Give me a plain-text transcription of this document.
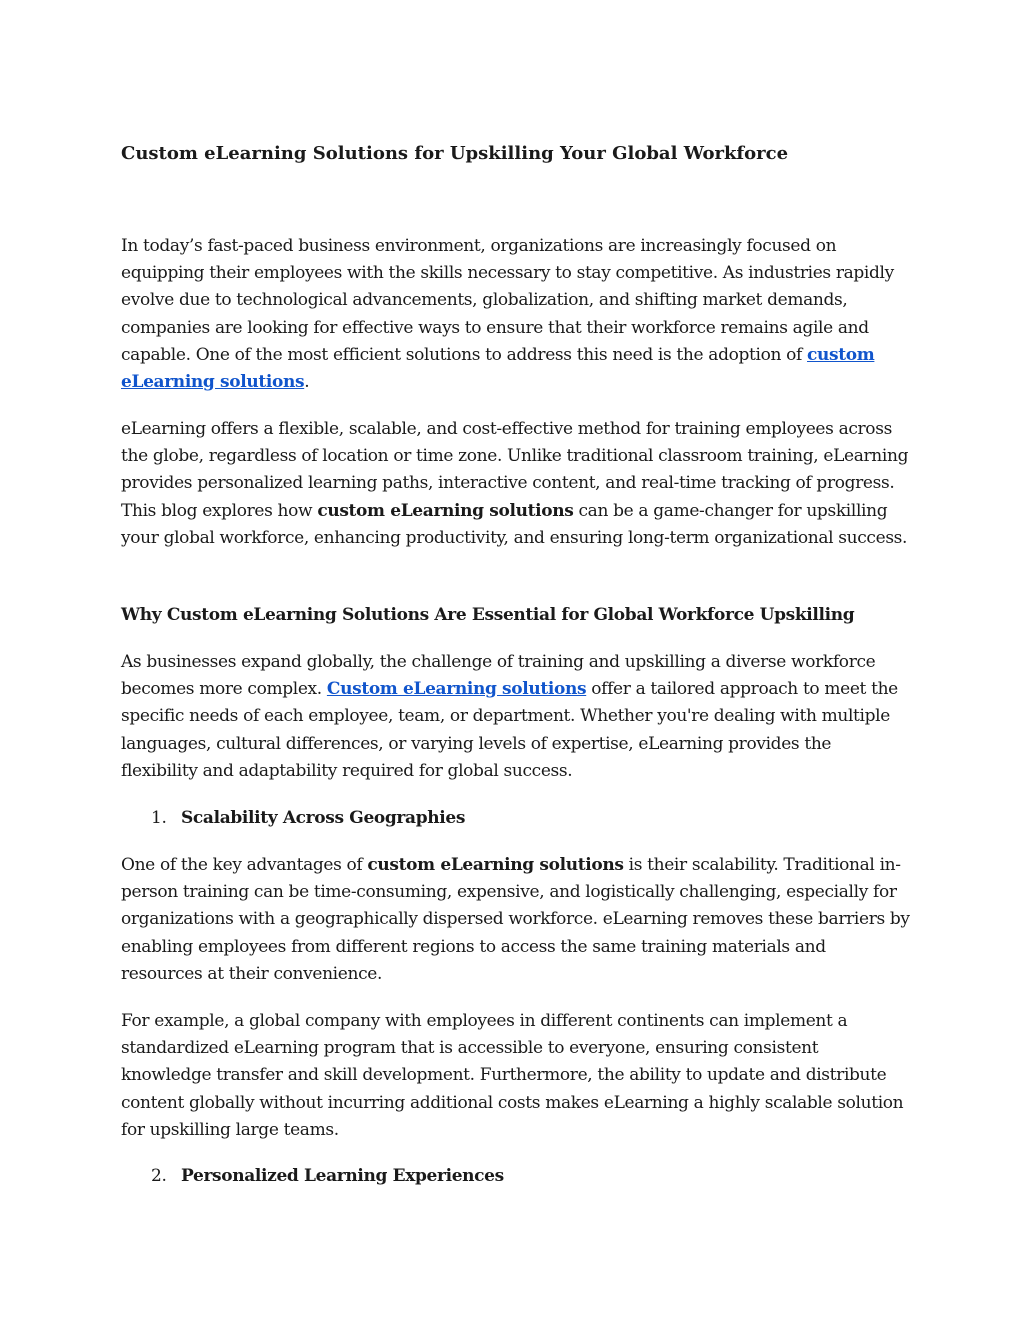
Custom eLearning Solutions for Upskilling Your Global Workforce

In today’s fast-paced business environment, organizations are increasingly focused on equipping their employees with the skills necessary to stay competitive. As industries rapidly evolve due to technological advancements, globalization, and shifting market demands, companies are looking for effective ways to ensure that their workforce remains agile and capable. One of the most efficient solutions to address this need is the adoption of custom eLearning solutions.

eLearning offers a flexible, scalable, and cost-effective method for training employees across the globe, regardless of location or time zone. Unlike traditional classroom training, eLearning provides personalized learning paths, interactive content, and real-time tracking of progress. This blog explores how custom eLearning solutions can be a game-changer for upskilling your global workforce, enhancing productivity, and ensuring long-term organizational success.

Why Custom eLearning Solutions Are Essential for Global Workforce Upskilling

As businesses expand globally, the challenge of training and upskilling a diverse workforce becomes more complex. Custom eLearning solutions offer a tailored approach to meet the specific needs of each employee, team, or department. Whether you're dealing with multiple languages, cultural differences, or varying levels of expertise, eLearning provides the flexibility and adaptability required for global success.

1. Scalability Across Geographies

One of the key advantages of custom eLearning solutions is their scalability. Traditional in-person training can be time-consuming, expensive, and logistically challenging, especially for organizations with a geographically dispersed workforce. eLearning removes these barriers by enabling employees from different regions to access the same training materials and resources at their convenience.

For example, a global company with employees in different continents can implement a standardized eLearning program that is accessible to everyone, ensuring consistent knowledge transfer and skill development. Furthermore, the ability to update and distribute content globally without incurring additional costs makes eLearning a highly scalable solution for upskilling large teams.

2. Personalized Learning Experiences
